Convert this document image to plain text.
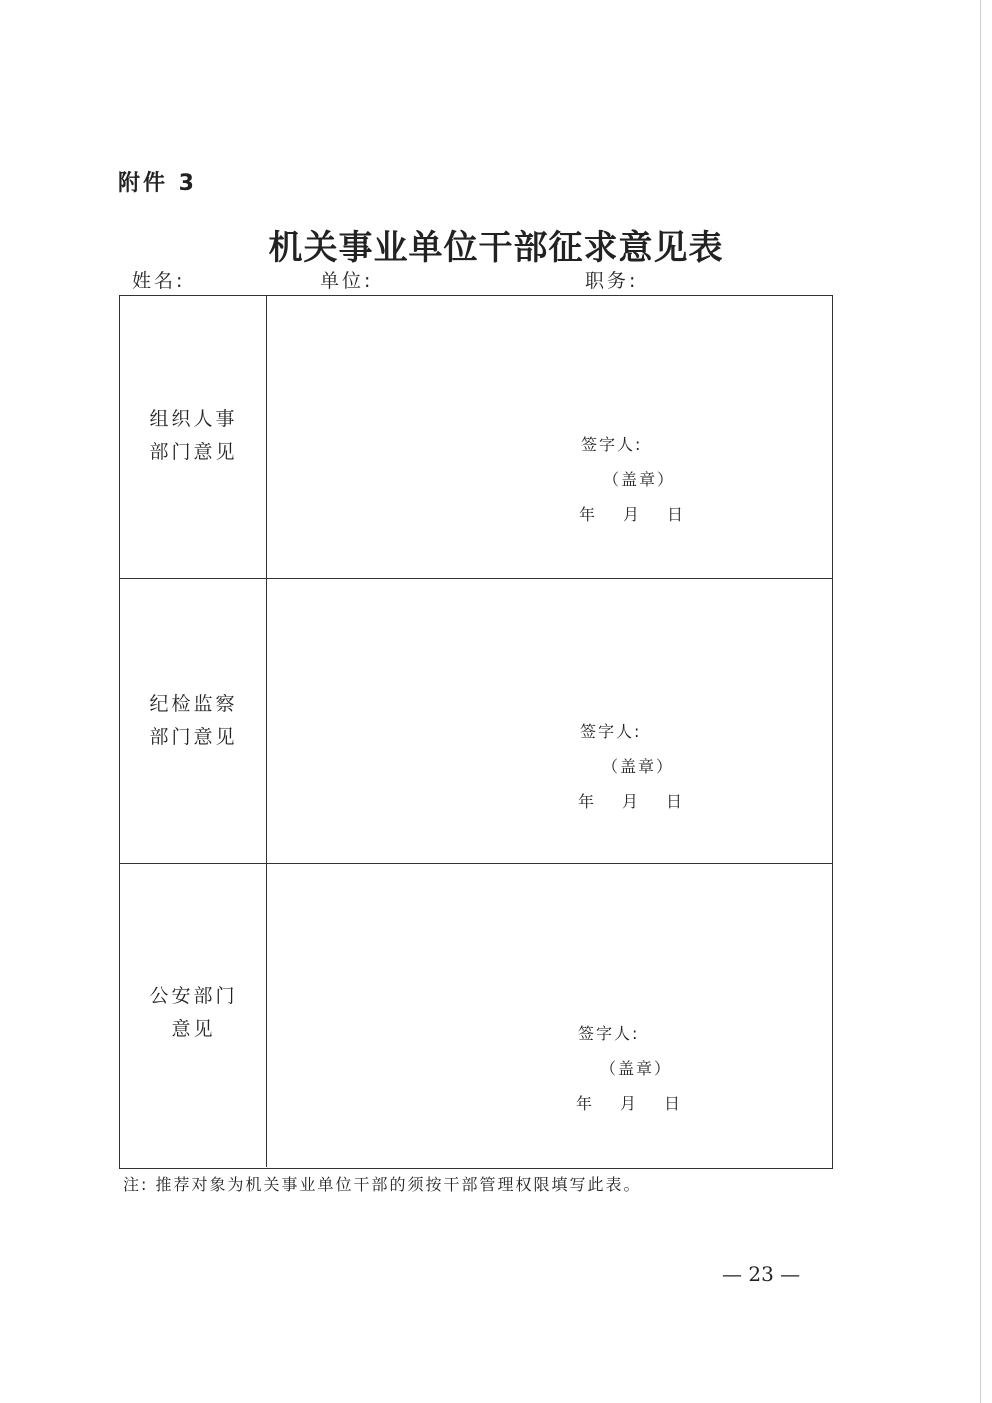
附件 3
机关事业单位干部征求意见表
姓名:	单位:	职务:
组织人事
部门意见	签字人:
（盖章）
年 月 日
纪检监察
部门意见	签字人:
（盖章）
年 月 日
公安部门
意见	签字人:
（盖章）
年 月 日
注: 推荐对象为机关事业单位干部的须按干部管理权限填写此表。
— 23 —
